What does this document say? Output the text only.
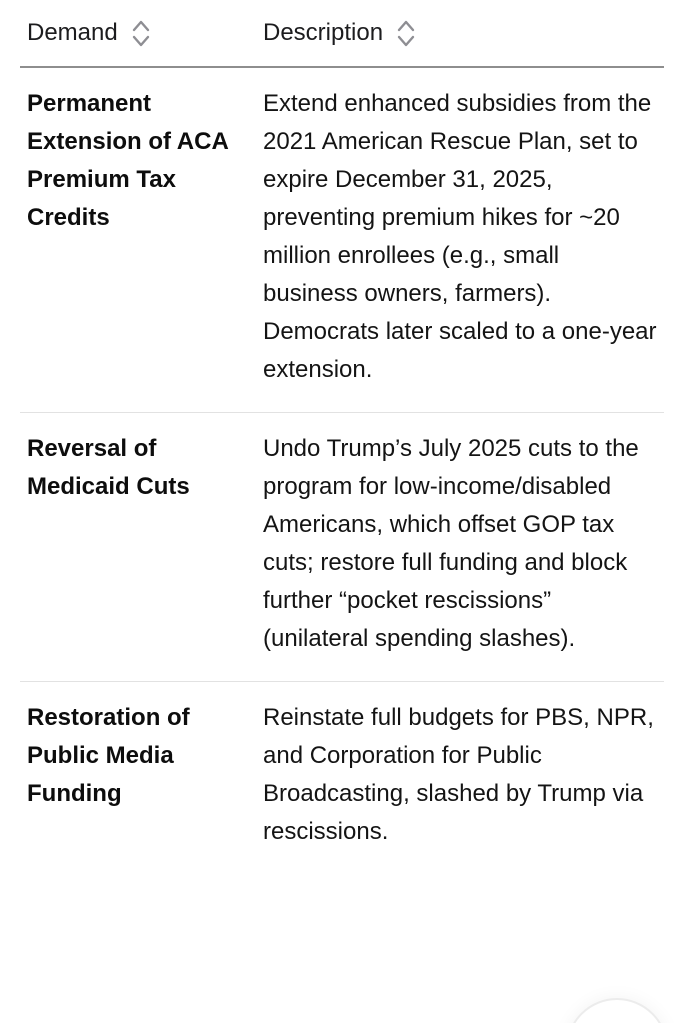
Demand	Description
Permanent Extension of ACA Premium Tax Credits
Extend enhanced subsidies from the 2021 American Rescue Plan, set to expire December 31, 2025, preventing premium hikes for ~20 million enrollees (e.g., small business owners, farmers). Democrats later scaled to a one-year extension.
Reversal of Medicaid Cuts
Undo Trump’s July 2025 cuts to the program for low-income/disabled Americans, which offset GOP tax cuts; restore full funding and block further “pocket rescissions” (unilateral spending slashes).
Restoration of Public Media Funding
Reinstate full budgets for PBS, NPR, and Corporation for Public Broadcasting, slashed by Trump via rescissions.
